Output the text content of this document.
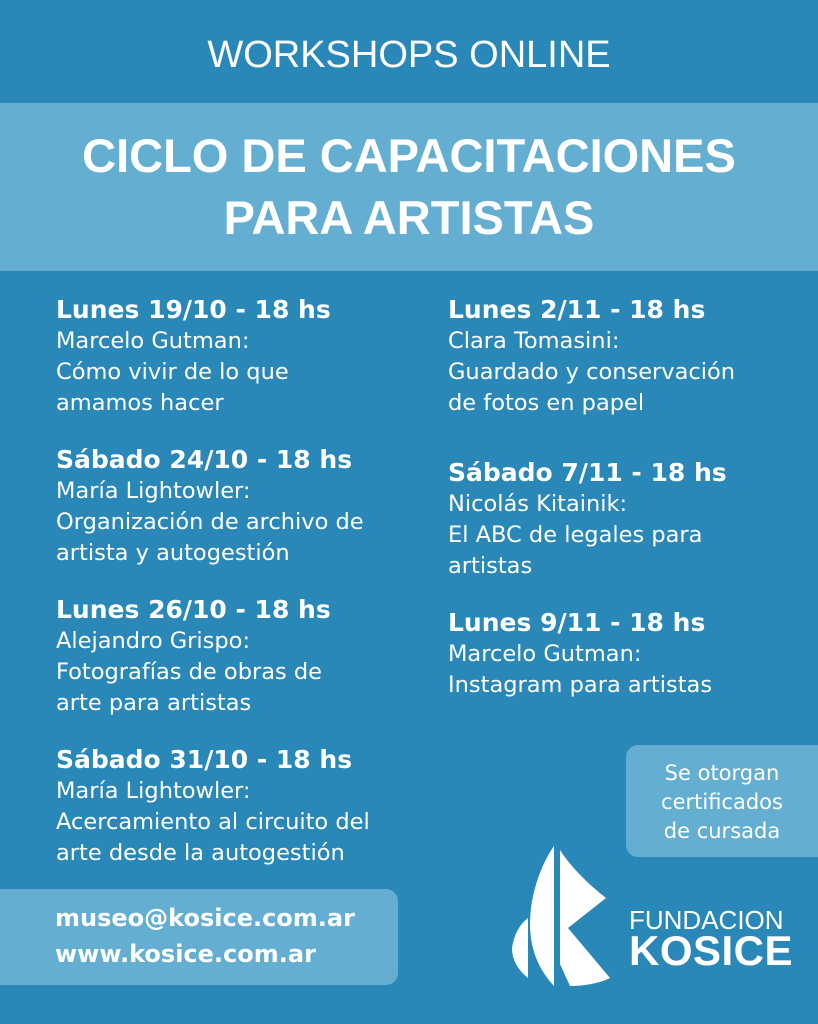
WORKSHOPS ONLINE
CICLO DE CAPACITACIONES
PARA ARTISTAS
Lunes 19/10 - 18 hs
Marcelo Gutman:
Cómo vivir de lo que
amamos hacer
Sábado 24/10 - 18 hs
María Lightowler:
Organización de archivo de
artista y autogestión
Lunes 26/10 - 18 hs
Alejandro Grispo:
Fotografías de obras de
arte para artistas
Sábado 31/10 - 18 hs
María Lightowler:
Acercamiento al circuito del
arte desde la autogestión
Lunes 2/11 - 18 hs
Clara Tomasini:
Guardado y conservación
de fotos en papel
Sábado 7/11 - 18 hs
Nicolás Kitainik:
El ABC de legales para
artistas
Lunes 9/11 - 18 hs
Marcelo Gutman:
Instagram para artistas
Se otorgan
certificados
de cursada
museo@kosice.com.ar
www.kosice.com.ar
FUNDACION
KOSICE
